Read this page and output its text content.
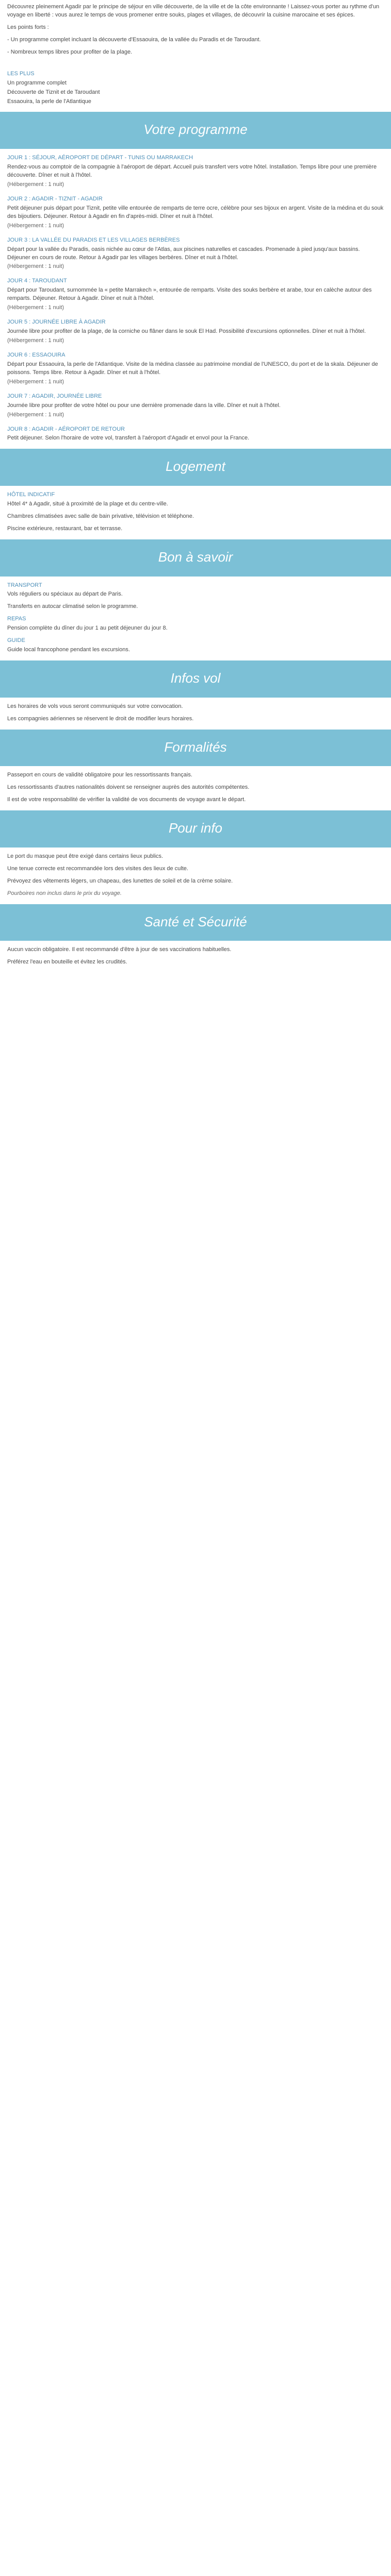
Découvrez pleinement Agadir par le principe de séjour en ville découverte, de la ville et de la côte environnante ! Laissez-vous porter au rythme d'un voyage en liberté : vous aurez le temps de vous promener entre souks, plages et villages, de découvrir la cuisine marocaine et ses épices.

Les points forts :

- Un programme complet incluant la découverte d'Essaouira, de la vallée du Paradis et de Taroudant.

- Nombreux temps libres pour profiter de la plage.

LES PLUS

Un programme complet

Découverte de Tiznit et de Taroudant

Essaouira, la perle de l'Atlantique

Votre programme
JOUR 1 : SÉJOUR, AÉROPORT DE DÉPART - TUNIS OU MARRAKECH
Rendez-vous au comptoir de la compagnie à l'aéroport de départ. Accueil puis transfert vers votre hôtel. Installation. Temps libre pour une première découverte. Dîner et nuit à l'hôtel.
(Hébergement : 1 nuit)
JOUR 2 : AGADIR - TIZNIT - AGADIR
Petit déjeuner puis départ pour Tiznit, petite ville entourée de remparts de terre ocre, célèbre pour ses bijoux en argent. Visite de la médina et du souk des bijoutiers. Déjeuner. Retour à Agadir en fin d'après-midi. Dîner et nuit à l'hôtel.
(Hébergement : 1 nuit)
JOUR 3 : LA VALLÉE DU PARADIS ET LES VILLAGES BERBÈRES
Départ pour la vallée du Paradis, oasis nichée au cœur de l'Atlas, aux piscines naturelles et cascades. Promenade à pied jusqu'aux bassins. Déjeuner en cours de route. Retour à Agadir par les villages berbères. Dîner et nuit à l'hôtel.
(Hébergement : 1 nuit)
JOUR 4 : TAROUDANT
Départ pour Taroudant, surnommée la « petite Marrakech », entourée de remparts. Visite des souks berbère et arabe, tour en calèche autour des remparts. Déjeuner. Retour à Agadir. Dîner et nuit à l'hôtel.
(Hébergement : 1 nuit)
JOUR 5 : JOURNÉE LIBRE À AGADIR
Journée libre pour profiter de la plage, de la corniche ou flâner dans le souk El Had. Possibilité d'excursions optionnelles. Dîner et nuit à l'hôtel.
(Hébergement : 1 nuit)
JOUR 6 : ESSAOUIRA
Départ pour Essaouira, la perle de l'Atlantique. Visite de la médina classée au patrimoine mondial de l'UNESCO, du port et de la skala. Déjeuner de poissons. Temps libre. Retour à Agadir. Dîner et nuit à l'hôtel.
(Hébergement : 1 nuit)
JOUR 7 : AGADIR, JOURNÉE LIBRE
Journée libre pour profiter de votre hôtel ou pour une dernière promenade dans la ville. Dîner et nuit à l'hôtel.
(Hébergement : 1 nuit)
JOUR 8 : AGADIR - AÉROPORT DE RETOUR
Petit déjeuner. Selon l'horaire de votre vol, transfert à l'aéroport d'Agadir et envol pour la France.
Logement
HÔTEL INDICATIF

Hôtel 4* à Agadir, situé à proximité de la plage et du centre-ville.

Chambres climatisées avec salle de bain privative, télévision et téléphone.

Piscine extérieure, restaurant, bar et terrasse.

Bon à savoir
TRANSPORT

Vols réguliers ou spéciaux au départ de Paris.

Transferts en autocar climatisé selon le programme.

REPAS

Pension complète du dîner du jour 1 au petit déjeuner du jour 8.

GUIDE

Guide local francophone pendant les excursions.

Infos vol

Les horaires de vols vous seront communiqués sur votre convocation.

Les compagnies aériennes se réservent le droit de modifier leurs horaires.

Formalités

Passeport en cours de validité obligatoire pour les ressortissants français.

Les ressortissants d'autres nationalités doivent se renseigner auprès des autorités compétentes.

Il est de votre responsabilité de vérifier la validité de vos documents de voyage avant le départ.

Pour info

Le port du masque peut être exigé dans certains lieux publics.

Une tenue correcte est recommandée lors des visites des lieux de culte.

Prévoyez des vêtements légers, un chapeau, des lunettes de soleil et de la crème solaire.

Pourboires non inclus dans le prix du voyage.

Santé et Sécurité

Aucun vaccin obligatoire. Il est recommandé d'être à jour de ses vaccinations habituelles.

Préférez l'eau en bouteille et évitez les crudités.
